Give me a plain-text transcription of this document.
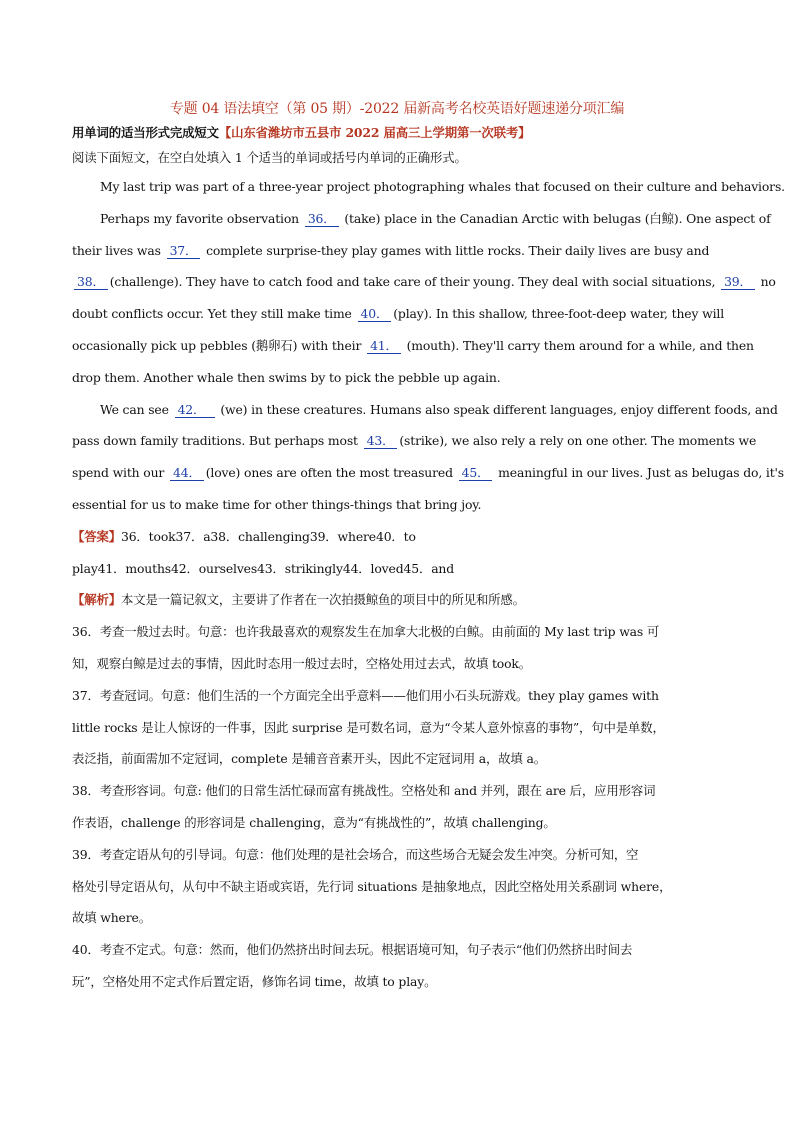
专题 04 语法填空（第 05 期）-2022 届新高考名校英语好题速递分项汇编
用单词的适当形式完成短文【山东省潍坊市五县市 2022 届高三上学期第一次联考】
阅读下面短文，在空白处填入 1 个适当的单词或括号内单词的正确形式。
My last trip was part of a three-year project photographing whales that focused on their culture and behaviors.
Perhaps my favorite observation 36． (take) place in the Canadian Arctic with belugas (白鲸). One aspect of
their lives was 37． complete surprise-they play games with little rocks. Their daily lives are busy and
38． (challenge). They have to catch food and take care of their young. They deal with social situations, 39． no
doubt conflicts occur. Yet they still make time 40． (play). In this shallow, three-foot-deep water, they will
occasionally pick up pebbles (鹅卵石) with their 41． (mouth). They'll carry them around for a while, and then
drop them. Another whale then swims by to pick the pebble up again.
We can see 42． (we) in these creatures. Humans also speak different languages, enjoy different foods, and
pass down family traditions. But perhaps most 43． (strike), we also rely a rely on one other. The moments we
spend with our 44． (love) ones are often the most treasured 45． meaningful in our lives. Just as belugas do, it's
essential for us to make time for other things-things that bring joy.
【答案】36．took37．a38．challenging39．where40．to
play41．mouths42．ourselves43．strikingly44．loved45．and
【解析】本文是一篇记叙文，主要讲了作者在一次拍摄鲸鱼的项目中的所见和所感。
36．考查一般过去时。句意：也许我最喜欢的观察发生在加拿大北极的白鲸。由前面的 My last trip was 可
知，观察白鲸是过去的事情，因此时态用一般过去时，空格处用过去式，故填 took。
37．考查冠词。句意：他们生活的一个方面完全出乎意料——他们用小石头玩游戏。they play games with
little rocks 是让人惊讶的一件事，因此 surprise 是可数名词，意为“令某人意外惊喜的事物”，句中是单数，
表泛指，前面需加不定冠词，complete 是辅音音素开头，因此不定冠词用 a，故填 a。
38．考查形容词。句意: 他们的日常生活忙碌而富有挑战性。空格处和 and 并列，跟在 are 后，应用形容词
作表语，challenge 的形容词是 challenging，意为“有挑战性的”，故填 challenging。
39．考查定语从句的引导词。句意：他们处理的是社会场合，而这些场合无疑会发生冲突。分析可知，空
格处引导定语从句，从句中不缺主语或宾语，先行词 situations 是抽象地点，因此空格处用关系副词 where，
故填 where。
40．考查不定式。句意：然而，他们仍然挤出时间去玩。根据语境可知，句子表示“他们仍然挤出时间去
玩”，空格处用不定式作后置定语，修饰名词 time，故填 to play。
